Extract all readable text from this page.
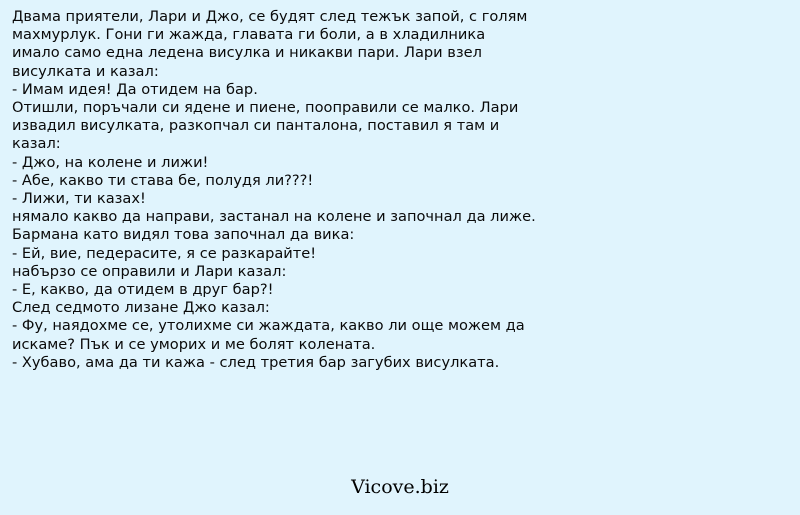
Двама приятели, Лари и Джо, се будят след тежък запой, с голям
махмурлук. Гони ги жажда, главата ги боли, а в хладилника
имало само една ледена висулка и никакви пари. Лари взел
висулката и казал:
- Имам идея! Да отидем на бар.
Отишли, поръчали си ядене и пиене, пооправили се малко. Лари
извадил висулката, разкопчал си панталона, поставил я там и
казал:
- Джо, на колене и лижи!
- Абе, какво ти става бе, полудя ли???!
- Лижи, ти казах!
нямало какво да направи, застанал на колене и започнал да лиже.
Бармана като видял това започнал да вика:
- Ей, вие, педерасите, я се разкарайте!
набързо се оправили и Лари казал:
- Е, какво, да отидем в друг бар?!
След седмото лизане Джо казал:
- Фу, наядохме се, утолихме си жаждата, какво ли още можем да
искаме? Пък и се уморих и ме болят колената.
- Хубаво, ама да ти кажа - след третия бар загубих висулката.
Vicove.biz
